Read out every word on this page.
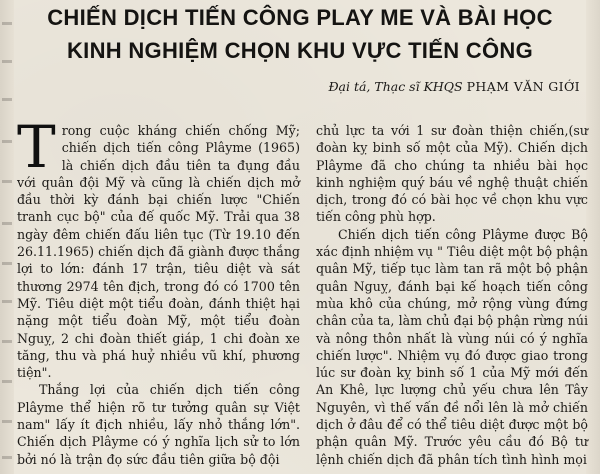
CHIẾN DỊCH TIẾN CÔNG PLAY ME VÀ BÀI HỌC
KINH NGHIỆM CHỌN KHU VỰC TIẾN CÔNG
Đại tá, Thạc sĩ KHQS PHẠM VĂN GIỚI

Trong cuộc kháng chiến chống Mỹ; chiến dịch tiến công Plâyme (1965) là chiến dịch đầu tiên ta đụng đầu với quân đội Mỹ và cũng là chiến dịch mở đầu thời kỳ đánh bại chiến lược "Chiến tranh cục bộ" của đế quốc Mỹ. Trải qua 38 ngày đêm chiến đấu liên tục (Từ 19.10 đến 26.11.1965) chiến dịch đã giành được thắng lợi to lớn: đánh 17 trận, tiêu diệt và sát thương 2974 tên địch, trong đó có 1700 tên Mỹ. Tiêu diệt một tiểu đoàn, đánh thiệt hại nặng một tiểu đoàn Mỹ, một tiểu đoàn Nguỵ, 2 chi đoàn thiết giáp, 1 chi đoàn xe tăng, thu và phá huỷ nhiều vũ khí, phương tiện".

Thắng lợi của chiến dịch tiến công Plâyme thể hiện rõ tư tưởng quân sự Việt nam" lấy ít địch nhiều, lấy nhỏ thắng lớn". Chiến dịch Plâyme có ý nghĩa lịch sử to lớn bởi nó là trận đọ sức đầu tiên giữa bộ đội

chủ lực ta với 1 sư đoàn thiện chiến,(sư đoàn kỵ binh số một của Mỹ). Chiến dịch Plâyme đã cho chúng ta nhiều bài học kinh nghiệm quý báu về nghệ thuật chiến dịch, trong đó có bài học về chọn khu vực tiến công phù hợp.

Chiến dịch tiến công Plâyme được Bộ xác định nhiệm vụ " Tiêu diệt một bộ phận quân Mỹ, tiếp tục làm tan rã một bộ phận quân Nguỵ, đánh bại kế hoạch tiến công mùa khô của chúng, mở rộng vùng đứng chân của ta, làm chủ đại bộ phận rừng núi và nông thôn nhất là vùng núi có ý nghĩa chiến lược". Nhiệm vụ đó được giao trong lúc sư đoàn kỵ binh số 1 của Mỹ mới đến An Khê, lực lượng chủ yếu chưa lên Tây Nguyên, vì thế vấn đề nổi lên là mở chiến dịch ở đâu để có thể tiêu diệt được một bộ phận quân Mỹ. Trước yêu cầu đó Bộ tư lệnh chiến dịch đã phân tích tình hình mọi
